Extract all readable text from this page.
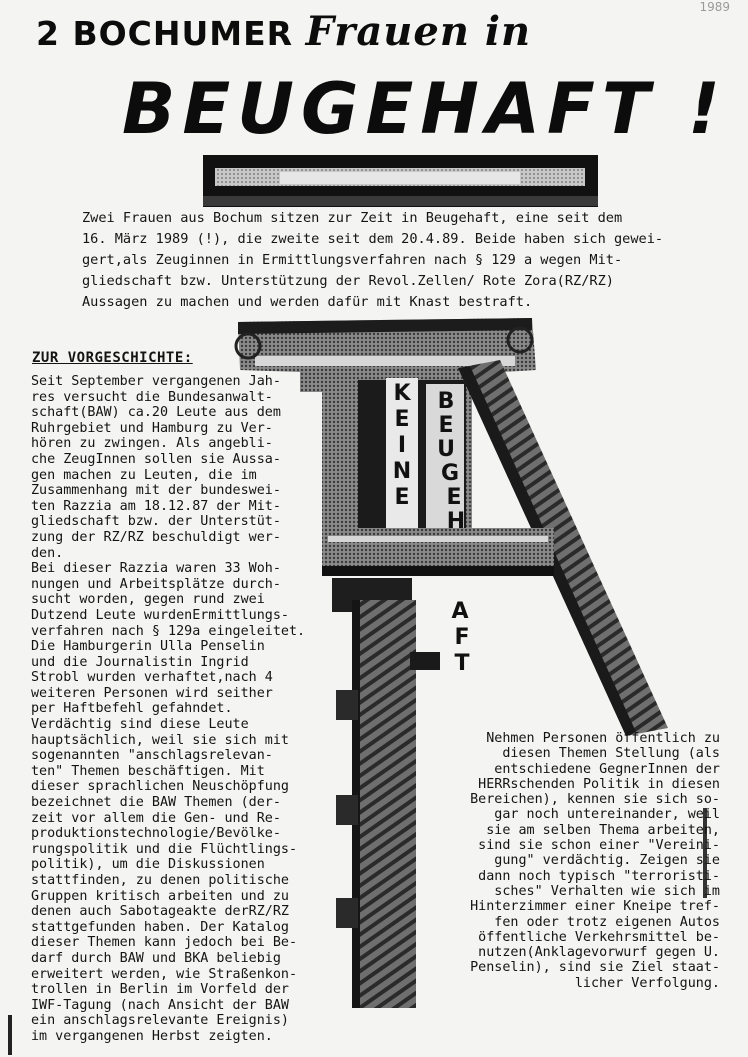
1989
K E I N E
B E U G E H A F T
2 BOCHUMER Frauen in
BEUGEHAFT !
Zwei Frauen aus Bochum sitzen zur Zeit in Beugehaft, eine seit dem
16. März 1989 (!), die zweite seit dem 20.4.89. Beide haben sich gewei-
gert,als Zeuginnen in Ermittlungsverfahren nach § 129 a wegen Mit-
gliedschaft bzw. Unterstützung der Revol.Zellen/ Rote Zora(RZ/RZ)
Aussagen zu machen und werden dafür mit Knast bestraft.
ZUR VORGESCHICHTE:
Seit September vergangenen Jah-
res versucht die Bundesanwalt-
schaft(BAW) ca.20 Leute aus dem
Ruhrgebiet und Hamburg zu Ver-
hören zu zwingen. Als angebli-
che ZeugInnen sollen sie Aussa-
gen machen zu Leuten, die im
Zusammenhang mit der bundeswei-
ten Razzia am 18.12.87 der Mit-
gliedschaft bzw. der Unterstüt-
zung der RZ/RZ beschuldigt wer-
den.
Bei dieser Razzia waren 33 Woh-
nungen und Arbeitsplätze durch-
sucht worden, gegen rund zwei
Dutzend Leute wurdenErmittlungs-
verfahren nach § 129a eingeleitet.
Die Hamburgerin Ulla Penselin
und die Journalistin Ingrid
Strobl wurden verhaftet,nach 4
weiteren Personen wird seither
per Haftbefehl gefahndet.
Verdächtig sind diese Leute
hauptsächlich, weil sie sich mit
sogenannten "anschlagsrelevan-
ten" Themen beschäftigen. Mit
dieser sprachlichen Neuschöpfung
bezeichnet die BAW Themen (der-
zeit vor allem die Gen- und Re-
produktionstechnologie/Bevölke-
rungspolitik und die Flüchtlings-
politik), um die Diskussionen
stattfinden, zu denen politische
Gruppen kritisch arbeiten und zu
denen auch Sabotageakte derRZ/RZ
stattgefunden haben. Der Katalog
dieser Themen kann jedoch bei Be-
darf durch BAW und BKA beliebig
erweitert werden, wie Straßenkon-
trollen in Berlin im Vorfeld der
IWF-Tagung (nach Ansicht der BAW
ein anschlagsrelevante Ereignis)
im vergangenen Herbst zeigten.
Nehmen Personen öffentlich zu
diesen Themen Stellung (als
entschiedene GegnerInnen der
HERRschenden Politik in diesen
Bereichen), kennen sie sich so-
gar noch untereinander, weil
sie am selben Thema arbeiten,
sind sie schon einer "Vereini-
gung" verdächtig. Zeigen sie
dann noch typisch "terroristi-
sches" Verhalten wie sich im
Hinterzimmer einer Kneipe tref-
fen oder trotz eigenen Autos
öffentliche Verkehrsmittel be-
nutzen(Anklagevorwurf gegen U.
Penselin), sind sie Ziel staat-
licher Verfolgung.
